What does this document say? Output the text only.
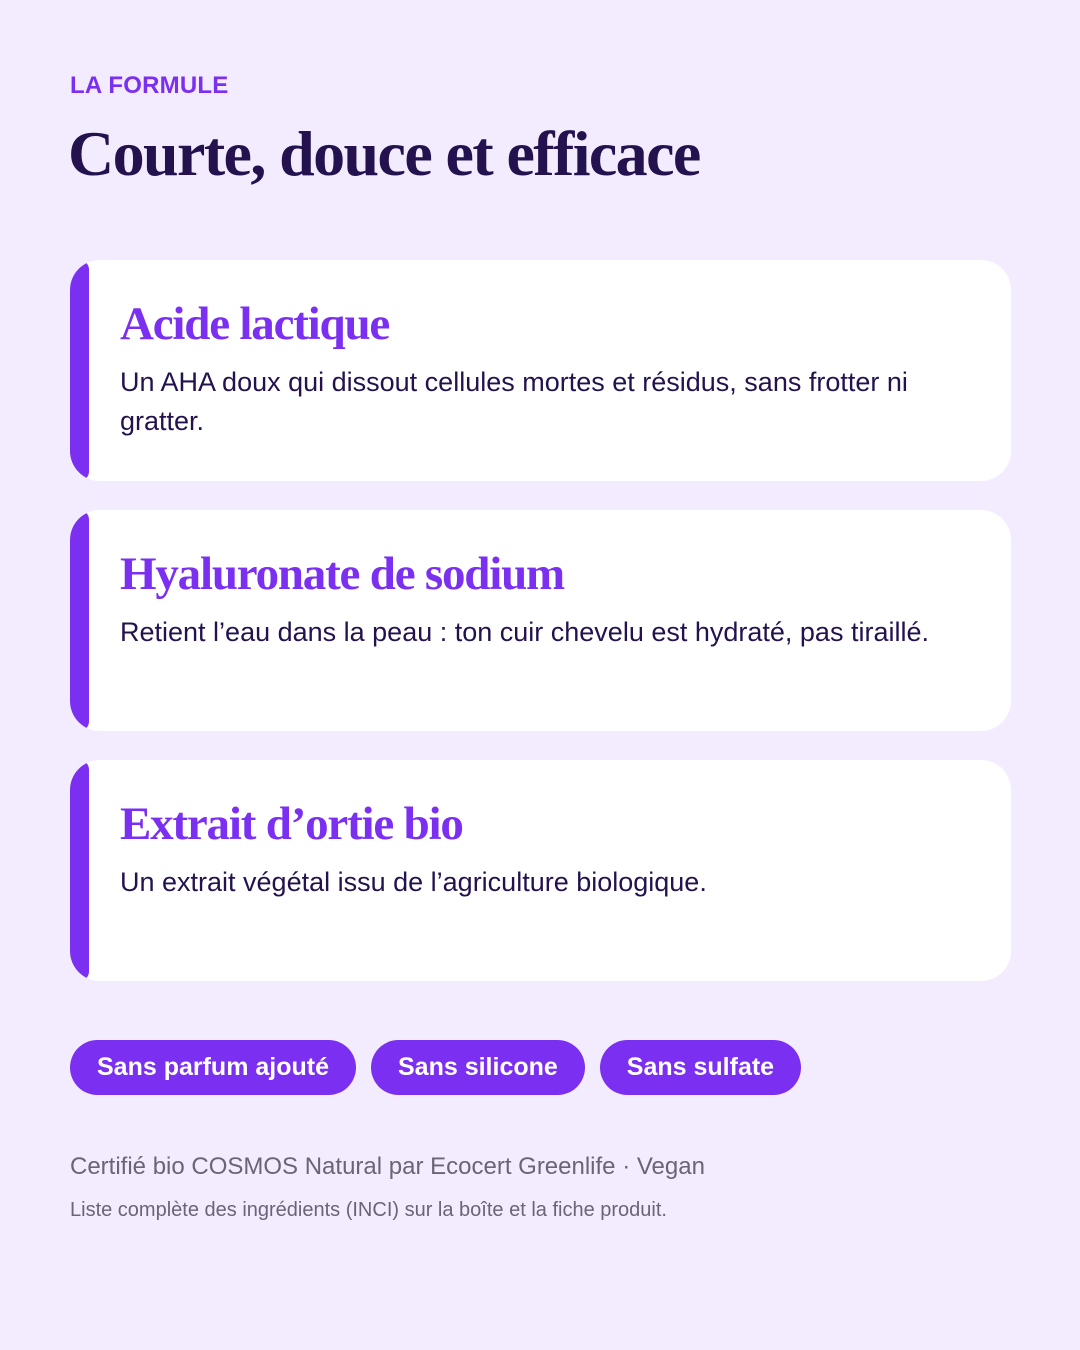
LA FORMULE
Courte, douce et efficace
Acide lactique

Un AHA doux qui dissout cellules mortes et résidus, sans frotter ni gratter.

Hyaluronate de sodium

Retient l’eau dans la peau : ton cuir chevelu est hydraté, pas tiraillé.

Extrait d’ortie bio

Un extrait végétal issu de l’agriculture biologique.

Sans parfum ajouté	Sans silicone	Sans sulfate

Certifié bio COSMOS Natural par Ecocert Greenlife · Vegan

Liste complète des ingrédients (INCI) sur la boîte et la fiche produit.
